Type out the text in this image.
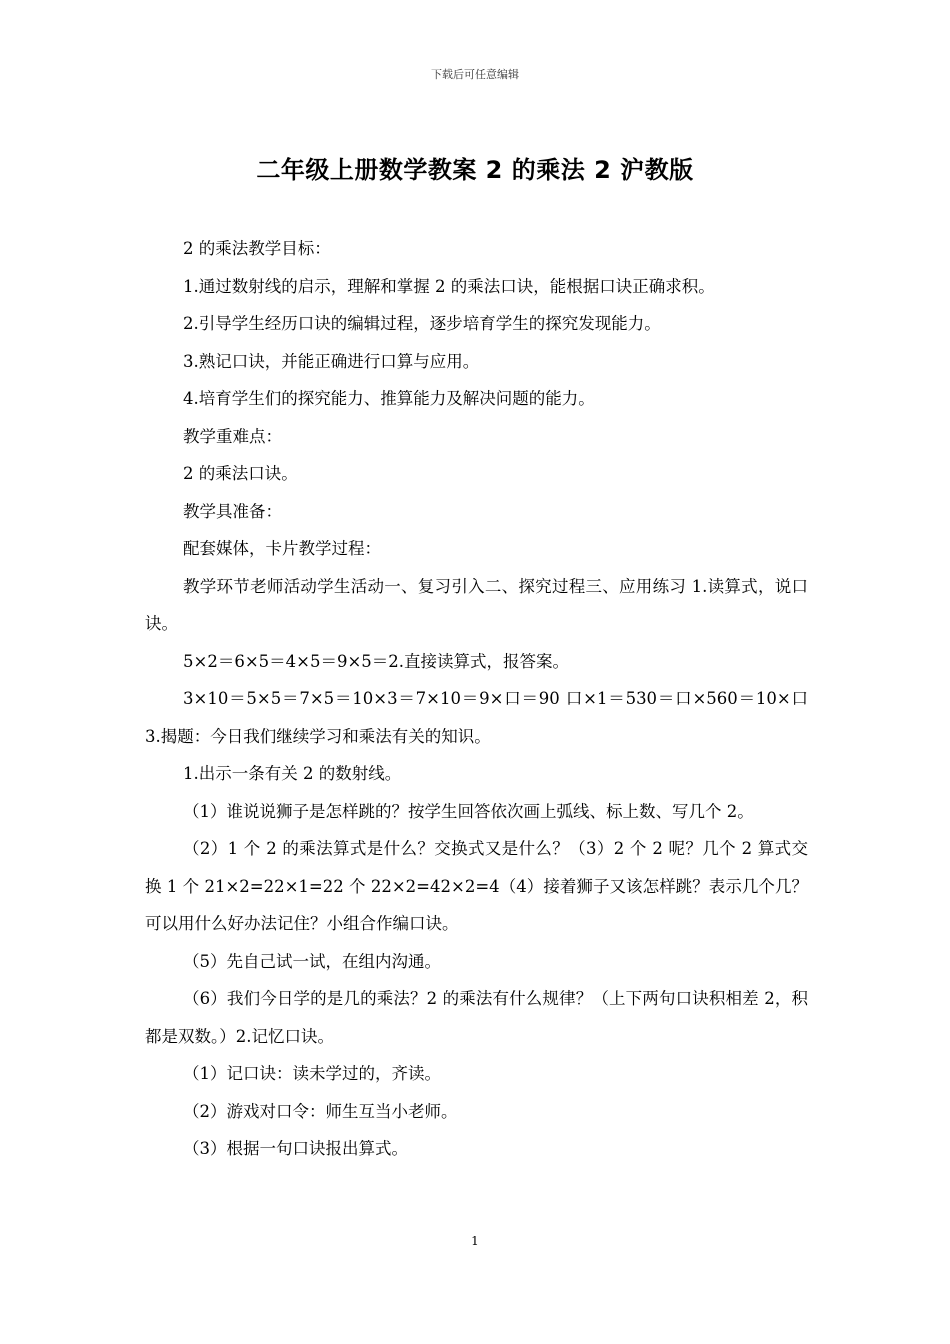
下载后可任意编辑
二年级上册数学教案 2 的乘法 2 沪教版

2 的乘法教学目标：

1.通过数射线的启示，理解和掌握 2 的乘法口诀，能根据口诀正确求积。

2.引导学生经历口诀的编辑过程，逐步培育学生的探究发现能力。

3.熟记口诀，并能正确进行口算与应用。

4.培育学生们的探究能力、推算能力及解决问题的能力。

教学重难点：

2 的乘法口诀。

教学具准备：

配套媒体，卡片教学过程：

教学环节老师活动学生活动一、复习引入二、探究过程三、应用练习 1.读算式，说口诀。

5×2＝6×5＝4×5＝9×5＝2.直接读算式，报答案。

3×10＝5×5＝7×5＝10×3＝7×10＝9×口＝90 口×1＝530＝口×560＝10×口 3.揭题：今日我们继续学习和乘法有关的知识。

1.出示一条有关 2 的数射线。

（1）谁说说狮子是怎样跳的？按学生回答依次画上弧线、标上数、写几个 2。

（2）1 个 2 的乘法算式是什么？交换式又是什么？（3）2 个 2 呢？几个 2 算式交换 1 个 21×2=22×1=22 个 22×2=42×2=4（4）接着狮子又该怎样跳？表示几个几？可以用什么好办法记住？小组合作编口诀。

（5）先自己试一试，在组内沟通。

（6）我们今日学的是几的乘法？2 的乘法有什么规律？（上下两句口诀积相差 2，积都是双数。）2.记忆口诀。

（1）记口诀：读未学过的，齐读。

（2）游戏对口令：师生互当小老师。

（3）根据一句口诀报出算式。

1
